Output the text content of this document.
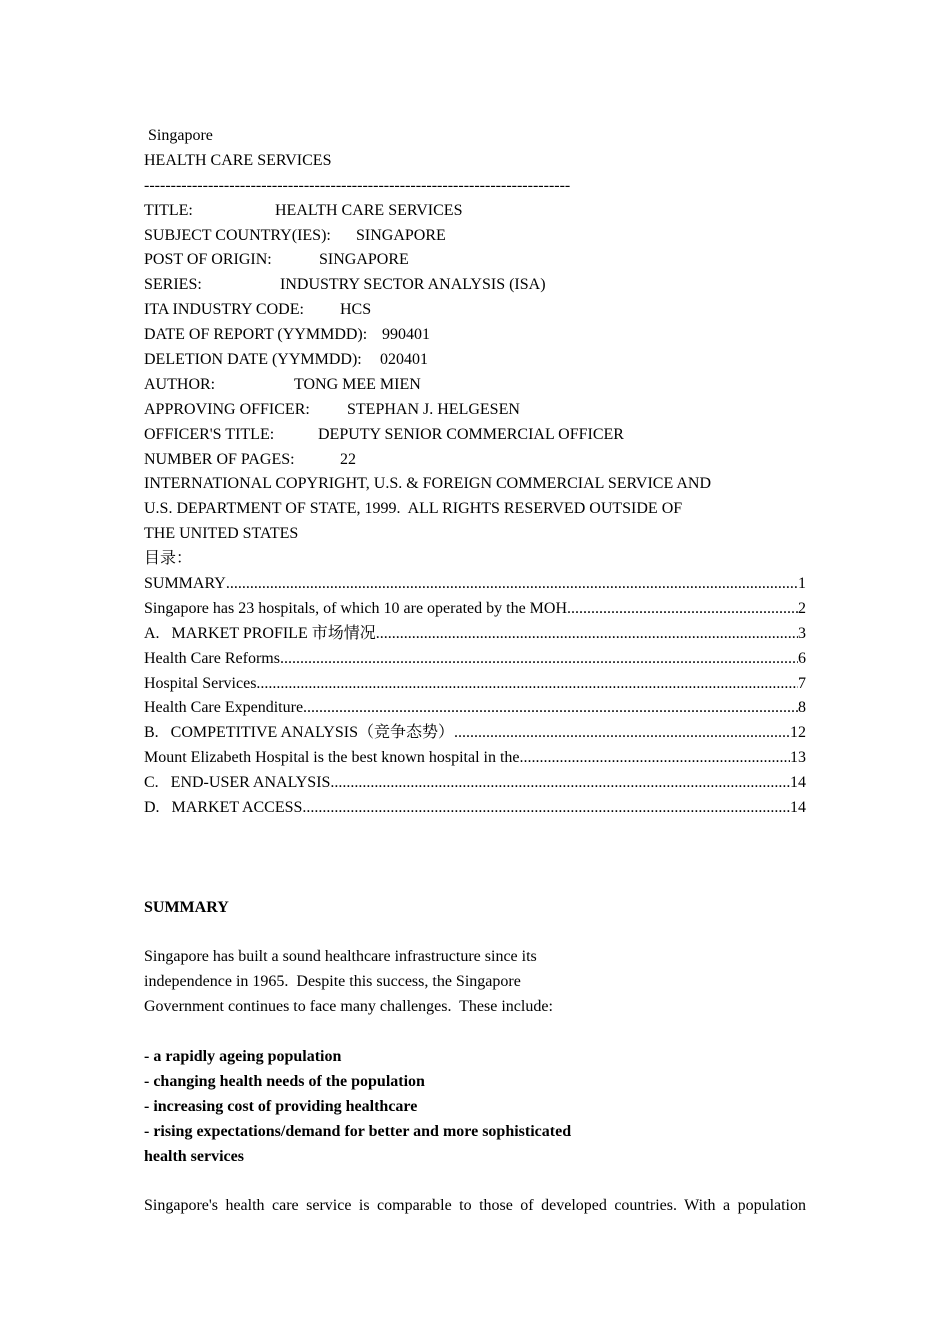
Singapore
HEALTH CARE SERVICES
--------------------------------------------------------------------------------
TITLE:	HEALTH CARE SERVICES
SUBJECT COUNTRY(IES):	SINGAPORE
POST OF ORIGIN:	SINGAPORE
SERIES:	INDUSTRY SECTOR ANALYSIS (ISA)
ITA INDUSTRY CODE:	HCS
DATE OF REPORT (YYMMDD): 990401
DELETION DATE (YYMMDD):	020401
AUTHOR:	TONG MEE MIEN
APPROVING OFFICER:	STEPHAN J. HELGESEN
OFFICER'S TITLE:	DEPUTY SENIOR COMMERCIAL OFFICER
NUMBER OF PAGES:	22
INTERNATIONAL COPYRIGHT, U.S. & FOREIGN COMMERCIAL SERVICE AND
U.S. DEPARTMENT OF STATE, 1999.  ALL RIGHTS RESERVED OUTSIDE OF
THE UNITED STATES
目录：
SUMMARY .....	1
Singapore has 23 hospitals, of which 10 are operated by the MOH .....	2
A.   MARKET PROFILE 市场情况 .....	3
Health Care Reforms .....	6
Hospital Services .....	7
Health Care Expenditure .....	8
B.   COMPETITIVE ANALYSIS（竞争态势） .....	12
Mount Elizabeth Hospital is the best known hospital in the .....	13
C.   END-USER ANALYSIS .....	14
D.   MARKET ACCESS .....	14
SUMMARY
Singapore has built a sound healthcare infrastructure since its
independence in 1965.  Despite this success, the Singapore
Government continues to face many challenges.  These include:
- a rapidly ageing population
- changing health needs of the population
- increasing cost of providing healthcare
- rising expectations/demand for better and more sophisticated
health services
Singapore's health care service is comparable to those of developed countries. With a population
